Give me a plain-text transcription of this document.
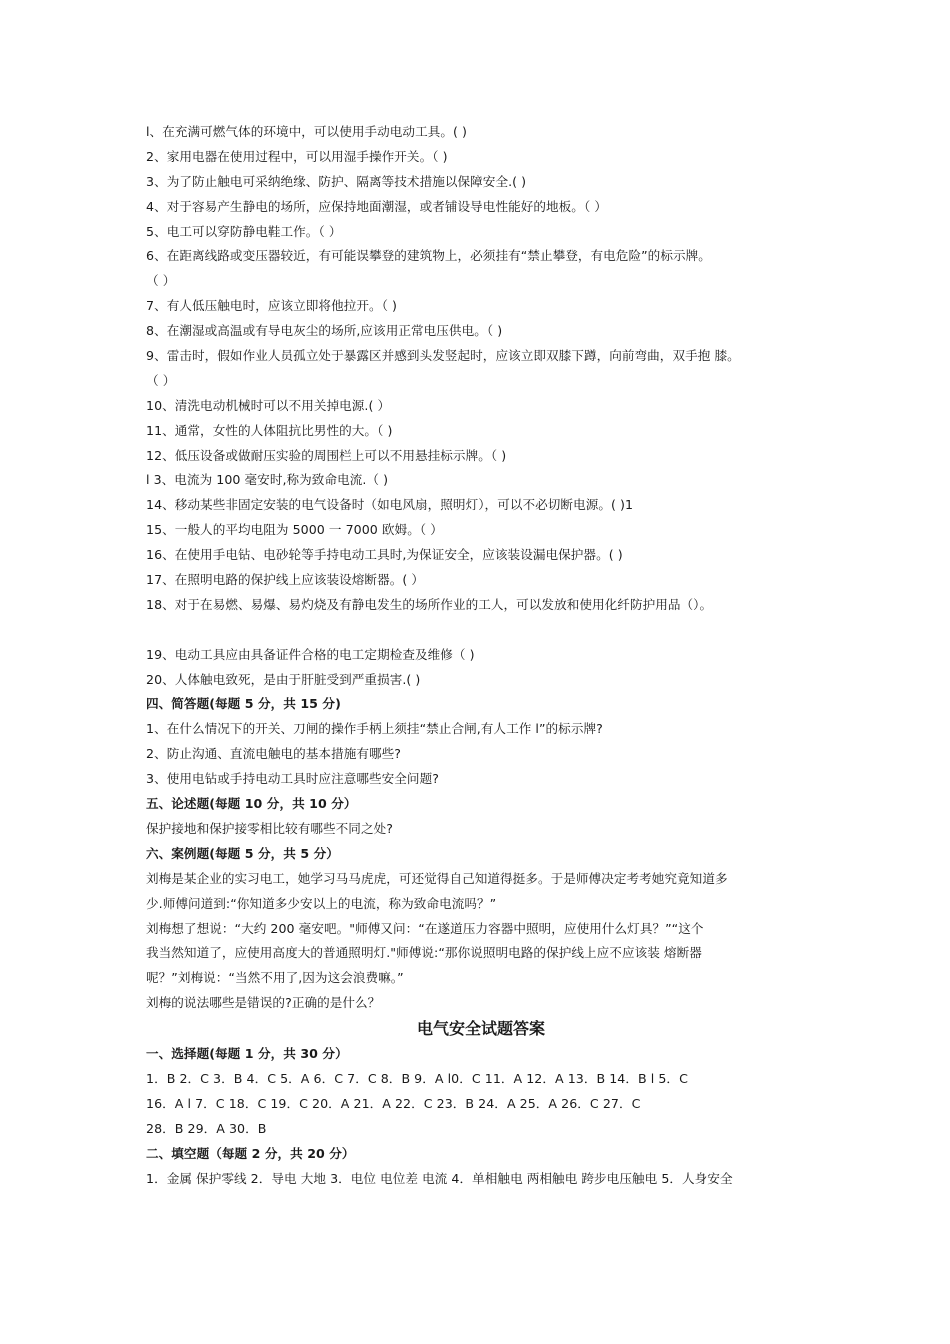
l、在充满可燃气体的环境中，可以使用手动电动工具。( )
2、家用电器在使用过程中，可以用湿手操作开关。（ )
3、为了防止触电可采纳绝缘、防护、隔离等技术措施以保障安全.( )
4、对于容易产生静电的场所，应保持地面潮湿，或者铺设导电性能好的地板。（ ）
5、电工可以穿防静电鞋工作。（ ）
6、在距离线路或变压器较近，有可能误攀登的建筑物上，必须挂有“禁止攀登，有电危险”的标示牌。
（ ）
7、有人低压触电时，应该立即将他拉开。（ )
8、在潮湿或高温或有导电灰尘的场所,应该用正常电压供电。（ )
9、雷击时，假如作业人员孤立处于暴露区并感到头发竖起时，应该立即双膝下蹲，向前弯曲，双手抱 膝。
（ ）
10、清洗电动机械时可以不用关掉电源.( ）
11、通常，女性的人体阻抗比男性的大。（ )
12、低压设备或做耐压实验的周围栏上可以不用悬挂标示牌。（ )
l 3、电流为 100 毫安时,称为致命电流.（ )
14、移动某些非固定安装的电气设备时（如电风扇，照明灯），可以不必切断电源。( )1
15、一般人的平均电阻为 5000 一 7000 欧姆。（ ）
16、在使用手电钻、电砂轮等手持电动工具时,为保证安全，应该装设漏电保护器。( )
17、在照明电路的保护线上应该装设熔断器。( ）
18、对于在易燃、易爆、易灼烧及有静电发生的场所作业的工人，可以发放和使用化纤防护用品（）。
19、电动工具应由具备证件合格的电工定期检查及维修（ )
20、人体触电致死，是由于肝脏受到严重损害.( )
四、简答题(每题 5 分，共 15 分)
1、在什么情况下的开关、刀闸的操作手柄上须挂“禁止合闸,有人工作 l”的标示牌?
2、防止沟通、直流电触电的基本措施有哪些?
3、使用电钻或手持电动工具时应注意哪些安全问题?
五、论述题(每题 10 分，共 10 分）
保护接地和保护接零相比较有哪些不同之处?
六、案例题(每题 5 分，共 5 分）
刘梅是某企业的实习电工，她学习马马虎虎，可还觉得自己知道得挺多。于是师傅决定考考她究竟知道多
少.师傅问道到:“你知道多少安以上的电流，称为致命电流吗？”
刘梅想了想说：“大约 200 毫安吧。"师傅又问：“在遂道压力容器中照明，应使用什么灯具？”“这个
我当然知道了，应使用高度大的普通照明灯."师傅说:“那你说照明电路的保护线上应不应该装 熔断器
呢？”刘梅说：“当然不用了,因为这会浪费嘛。”
刘梅的说法哪些是错误的?正确的是什么？
电气安全试题答案
一、选择题(每题 1 分，共 30 分）
1．B 2．C 3．B 4．C 5．A 6．C 7．C 8．B 9．A l0．C 11．A 12．A 13．B 14．B l 5．C
16．A l 7．C 18．C 19．C 20．A 21．A 22．C 23．B 24．A 25．A 26．C 27．C
28．B 29．A 30．B
二、填空题（每题 2 分，共 20 分）
1．金属 保护零线 2．导电 大地 3．电位 电位差 电流 4．单相触电 两相触电 跨步电压触电 5．人身安全
